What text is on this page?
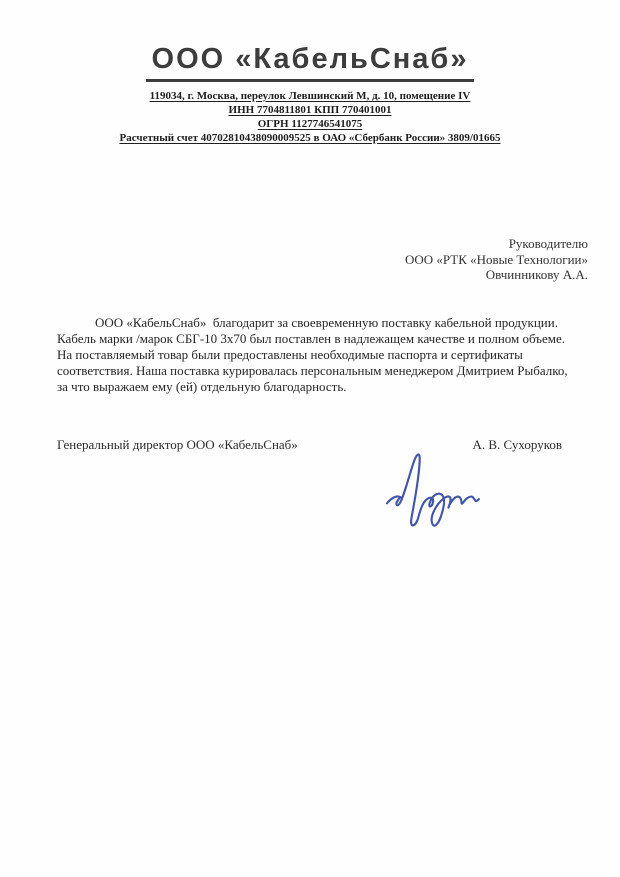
ООО «КабельСнаб»
119034, г. Москва, переулок Левшинский М, д. 10, помещение IV
ИНН 7704811801 КПП 770401001
ОГРН 1127746541075
Расчетный счет 40702810438090009525 в ОАО «Сбербанк России» 3809/01665
Руководителю
ООО «РТК «Новые Технологии»
Овчинникову А.А.

ООО «КабельСнаб»  благодарит за своевременную поставку кабельной продукции.  Кабель марки /марок СБГ-10 3х70 был поставлен в надлежащем качестве и полном объеме. На поставляемый товар были предоставлены необходимые паспорта и сертификаты соответствия. Наша поставка курировалась персональным менеджером Дмитрием Рыбалко, за что выражаем ему (ей) отдельную благодарность.

Генеральный директор ООО «КабельСнаб»	А. В. Сухоруков
